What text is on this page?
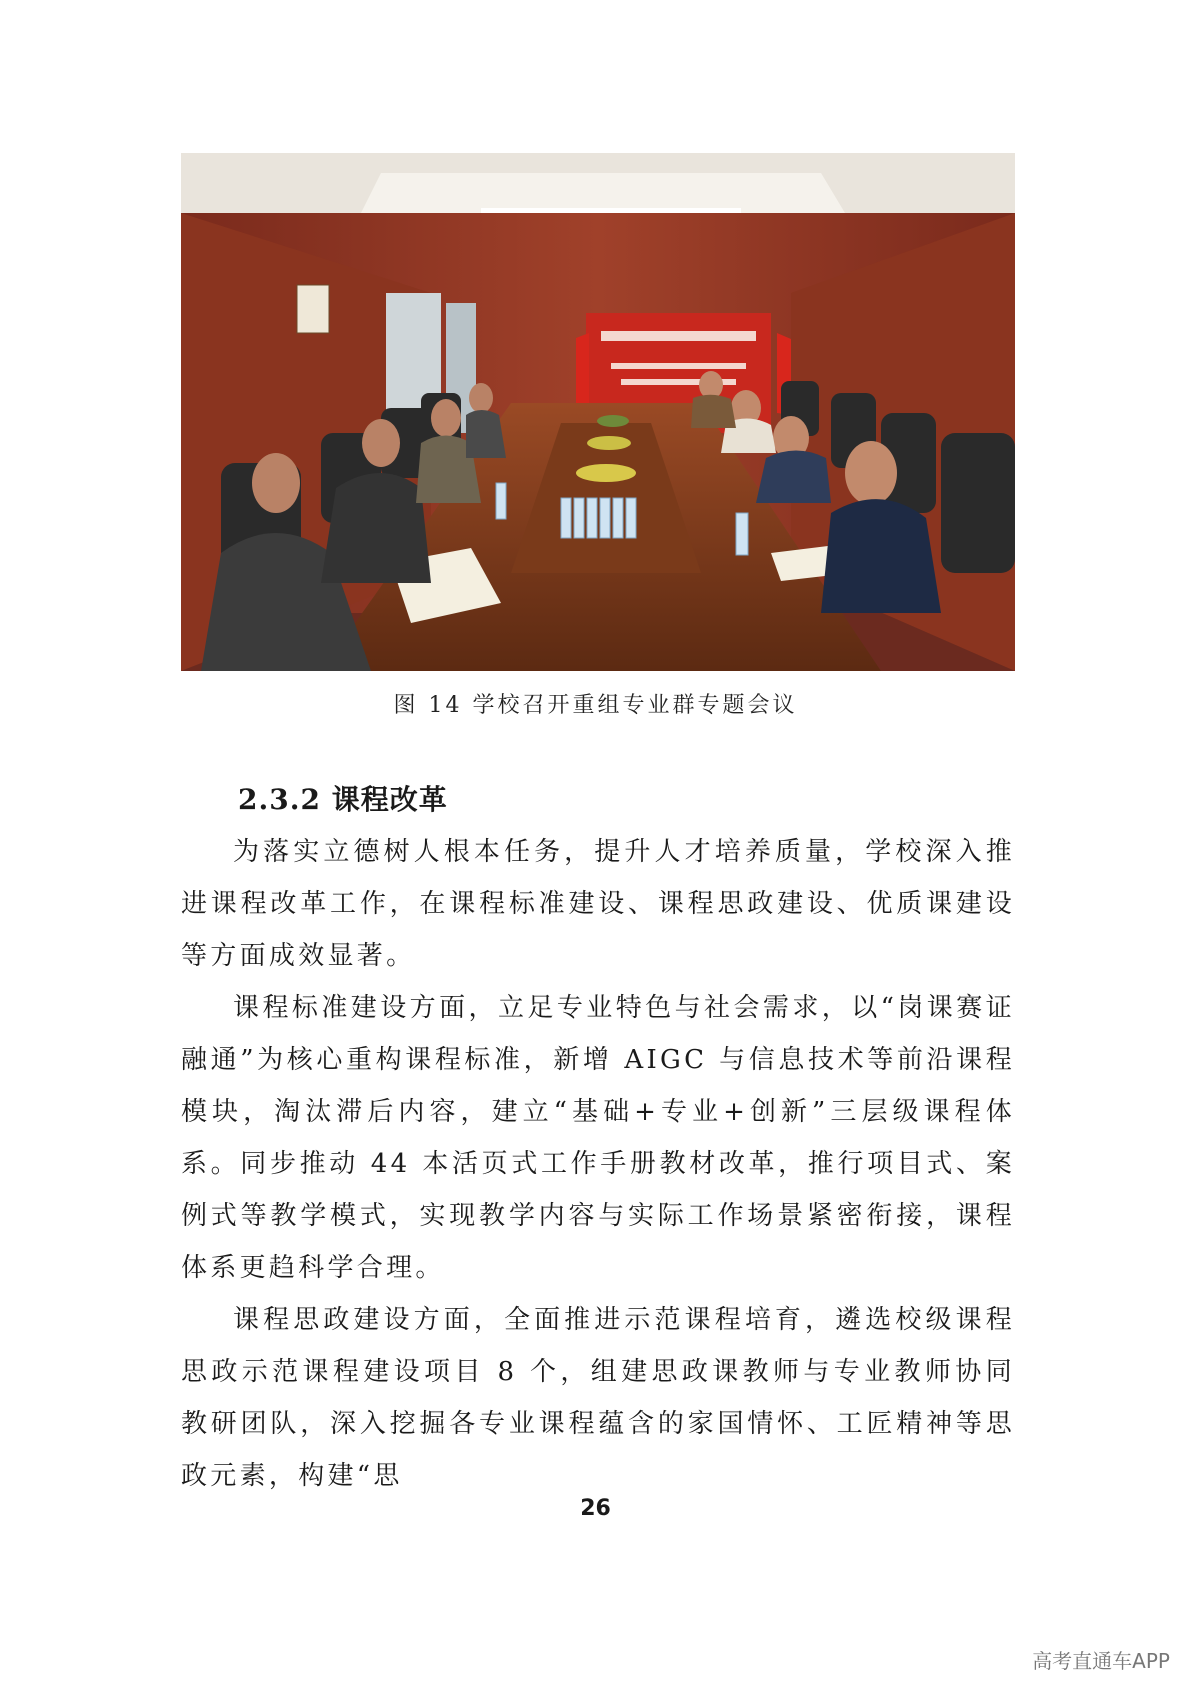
图 14 学校召开重组专业群专题会议
2.3.2 课程改革

为落实立德树人根本任务，提升人才培养质量，学校深入推进课程改革工作，在课程标准建设、课程思政建设、优质课建设等方面成效显著。

课程标准建设方面，立足专业特色与社会需求，以“岗课赛证融通”为核心重构课程标准，新增 AIGC 与信息技术等前沿课程模块，淘汰滞后内容，建立“基础+专业+创新”三层级课程体系。同步推动 44 本活页式工作手册教材改革，推行项目式、案例式等教学模式，实现教学内容与实际工作场景紧密衔接，课程体系更趋科学合理。

课程思政建设方面，全面推进示范课程培育，遴选校级课程思政示范课程建设项目 8 个，组建思政课教师与专业教师协同教研团队，深入挖掘各专业课程蕴含的家国情怀、工匠精神等思政元素，构建“思

26
高考直通车APP
